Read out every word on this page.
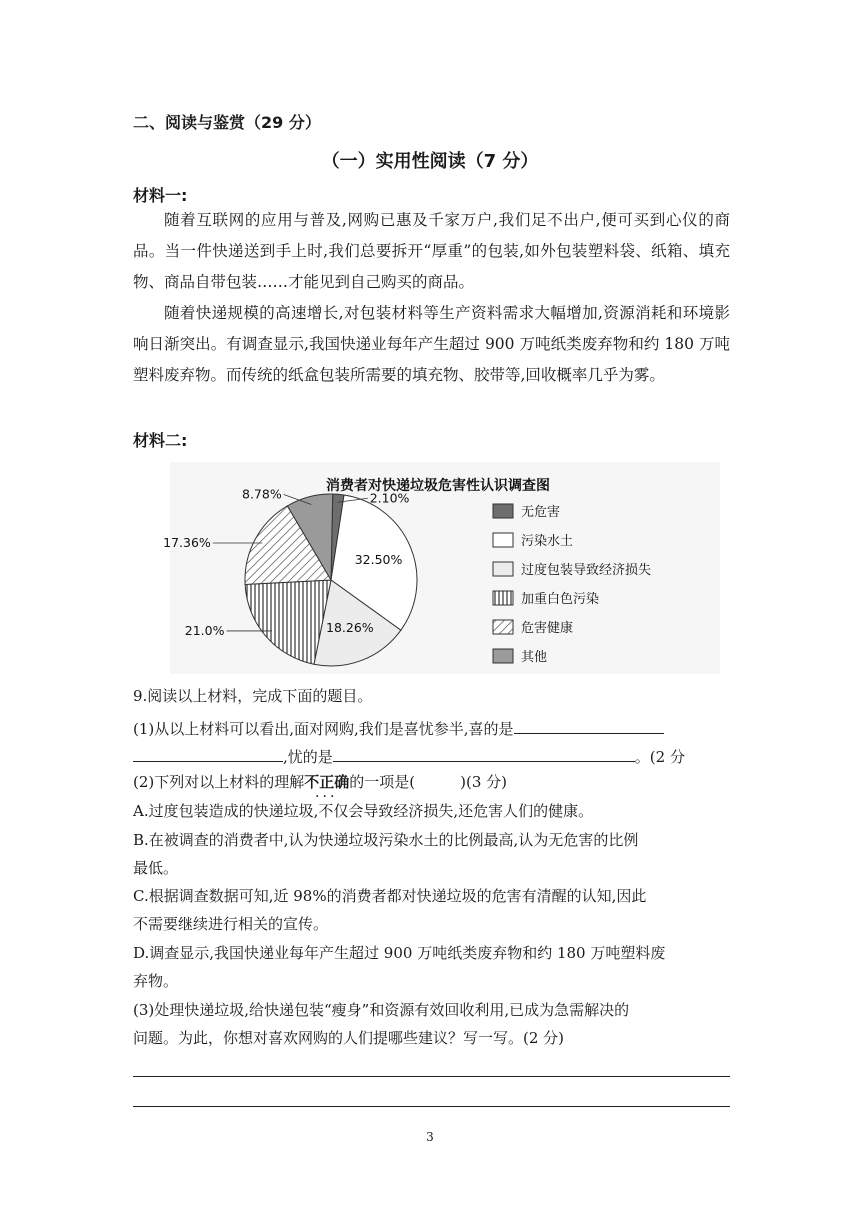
二、阅读与鉴赏（29 分）
（一）实用性阅读（7 分）
材料一:
随着互联网的应用与普及,网购已惠及千家万户,我们足不出户,便可买到心仪的商品。当一件快递送到手上时,我们总要拆开“厚重”的包装,如外包装塑料袋、纸箱、填充物、商品自带包装……才能见到自己购买的商品。
随着快递规模的高速增长,对包装材料等生产资料需求大幅增加,资源消耗和环境影响日渐突出。有调查显示,我国快递业每年产生超过 900 万吨纸类废弃物和约 180 万吨塑料废弃物。而传统的纸盒包装所需要的填充物、胶带等,回收概率几乎为雾。
材料二:
消费者对快递垃圾危害性认识调查图
2.10%
32.50%
18.26%
21.0%
17.36%
8.78%
无危害
污染水土
过度包装导致经济损失
加重白色污染
危害健康
其他
9.阅读以上材料，完成下面的题目。
(1)从以上材料可以看出,面对网购,我们是喜忧参半,喜的是
,忧的是	。(2 分
(2)下列对以上材料的理解不正确
...
的一项是(　　　)(3 分)
A.过度包装造成的快递垃圾,不仅会导致经济损失,还危害人们的健康。
B.在被调查的消费者中,认为快递垃圾污染水土的比例最高,认为无危害的比例
最低。
C.根据调查数据可知,近 98%的消费者都对快递垃圾的危害有清醒的认知,因此
不需要继续进行相关的宣传。
D.调查显示,我国快递业每年产生超过 900 万吨纸类废弃物和约 180 万吨塑料废
弃物。
(3)处理快递垃圾,给快递包装“瘦身”和资源有效回收利用,已成为急需解决的
问题。为此，你想对喜欢网购的人们提哪些建议？写一写。(2 分)
3
